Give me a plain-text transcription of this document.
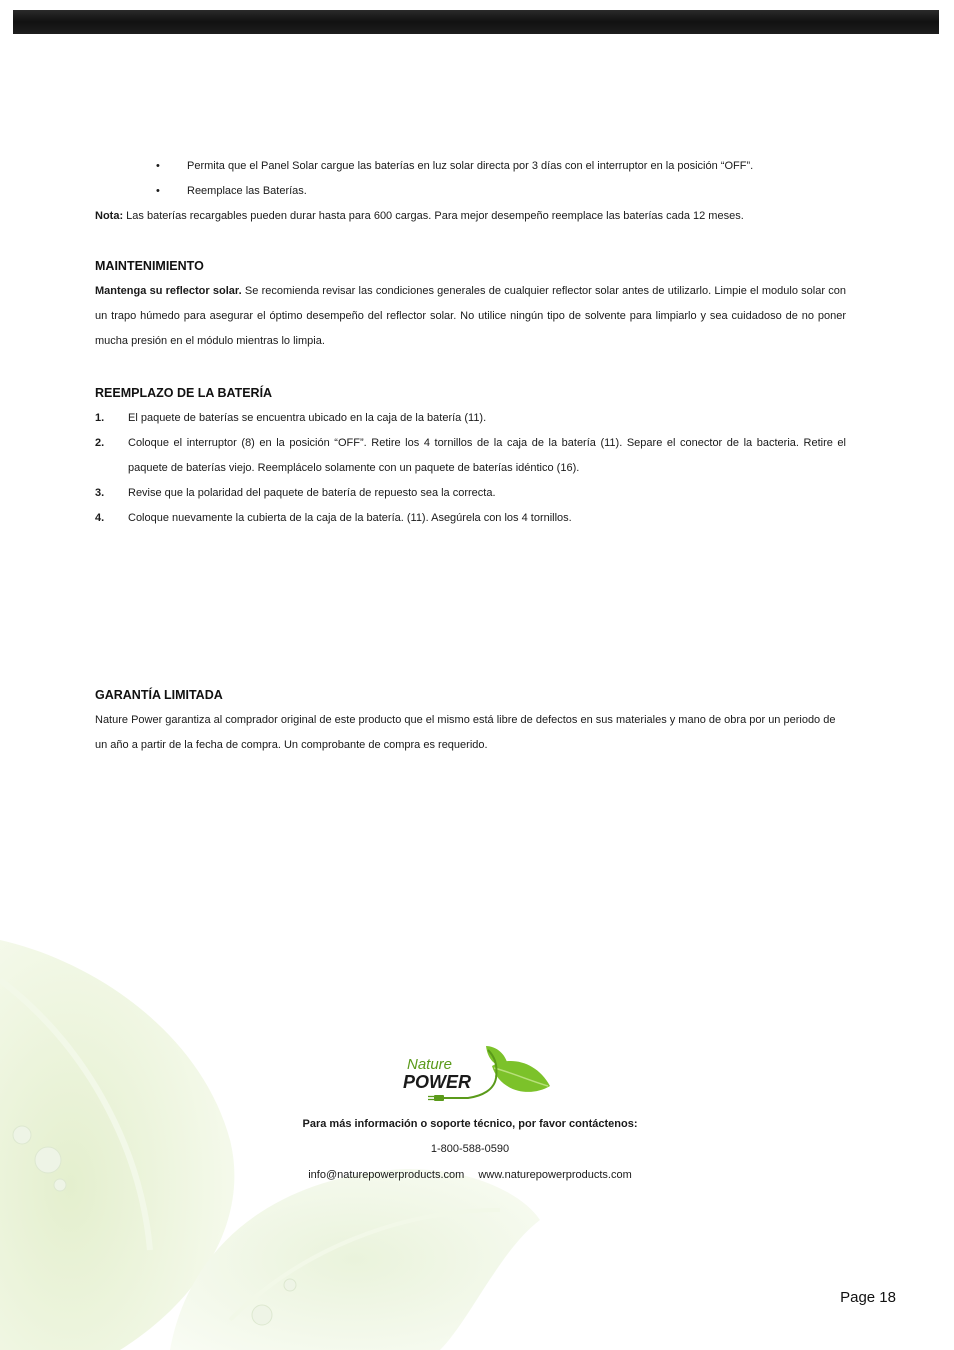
• Permita que el Panel Solar cargue las baterías en luz solar directa por 3 días con el interruptor en la posición “OFF”.
• Reemplace las Baterías.
Nota: Las baterías recargables pueden durar hasta para 600 cargas. Para mejor desempeño reemplace las baterías cada 12 meses.
MAINTENIMIENTO
Mantenga su reflector solar. Se recomienda revisar las condiciones generales de cualquier reflector solar antes de utilizarlo. Limpie el modulo solar con un trapo húmedo para asegurar el óptimo desempeño del reflector solar. No utilice ningún tipo de solvente para limpiarlo y sea cuidadoso de no poner mucha presión en el módulo mientras lo limpia.
REEMPLAZO DE LA BATERÍA
1. El paquete de baterías se encuentra ubicado en la caja de la batería (11).
2. Coloque el interruptor (8) en la posición “OFF”. Retire los 4 tornillos de la caja de la batería (11). Separe el conector de la bacteria. Retire el paquete de baterías viejo. Reemplácelo solamente con un paquete de baterías idéntico (16).
3. Revise que la polaridad del paquete de batería de repuesto sea la correcta.
4. Coloque nuevamente la cubierta de la caja de la batería. (11). Asegúrela con los 4 tornillos.
GARANTÍA LIMITADA
Nature Power garantiza al comprador original de este producto que el mismo está libre de defectos en sus materiales y mano de obra por un periodo de un año a partir de la fecha de compra. Un comprobante de compra es requerido.
Nature
POWER
Para más información o soporte técnico, por favor contáctenos:
1-800-588-0590
info@naturepowerproducts.com www.naturepowerproducts.com
Page 18
